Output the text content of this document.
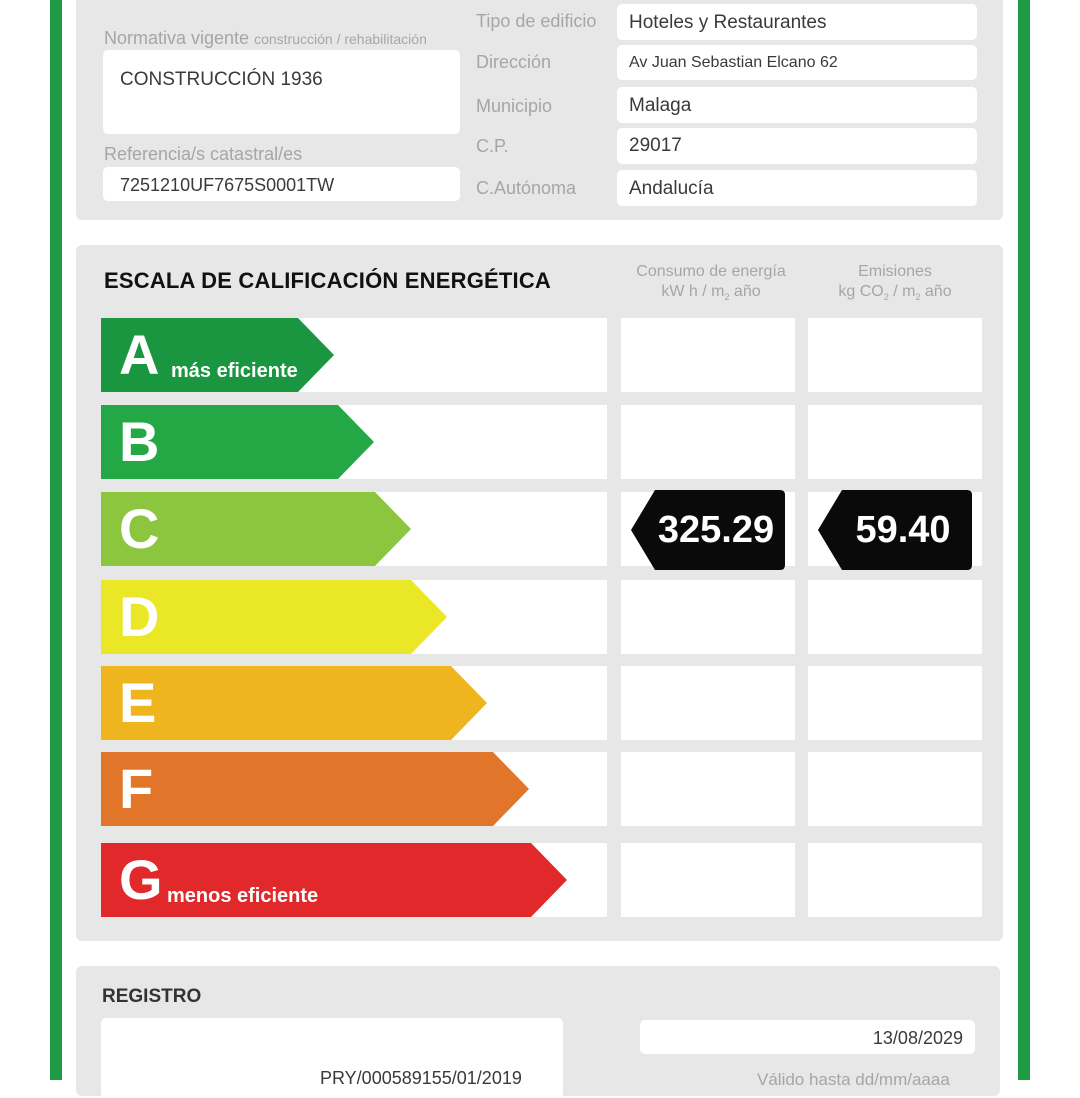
Normativa vigente construcción / rehabilitación
CONSTRUCCIÓN 1936
Referencia/s catastral/es
7251210UF7675S0001TW
Tipo de edificio Hoteles y Restaurantes
Dirección	Av Juan Sebastian Elcano 62
Municipio	Malaga
C.P.	29017
C.Autónoma	Andalucía
ESCALA DE CALIFICACIÓN ENERGÉTICA	Consumo de energía
kW h / $m_2$ año
Emisiones
kg $CO_2 / m_2$ año
A más eficiente
B
C	325.29	59.40
D
E
F
G menos eficiente
REGISTRO
PRY/000589155/01/2019
13/08/2029
Válido hasta dd/mm/aaaa
